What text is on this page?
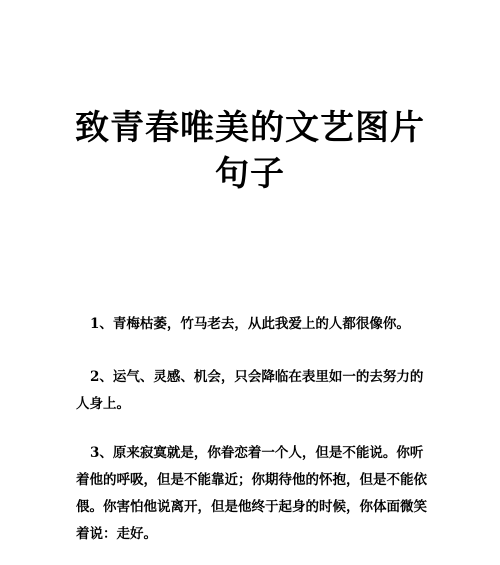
致青春唯美的文艺图片句子

1、青梅枯萎，竹马老去，从此我爱上的人都很像你。

2、运气、灵感、机会，只会降临在表里如一的去努力的人身上。

3、原来寂寞就是，你眷恋着一个人，但是不能说。你听着他的呼吸，但是不能靠近；你期待他的怀抱，但是不能依偎。你害怕他说离开，但是他终于起身的时候，你体面微笑着说：走好。
